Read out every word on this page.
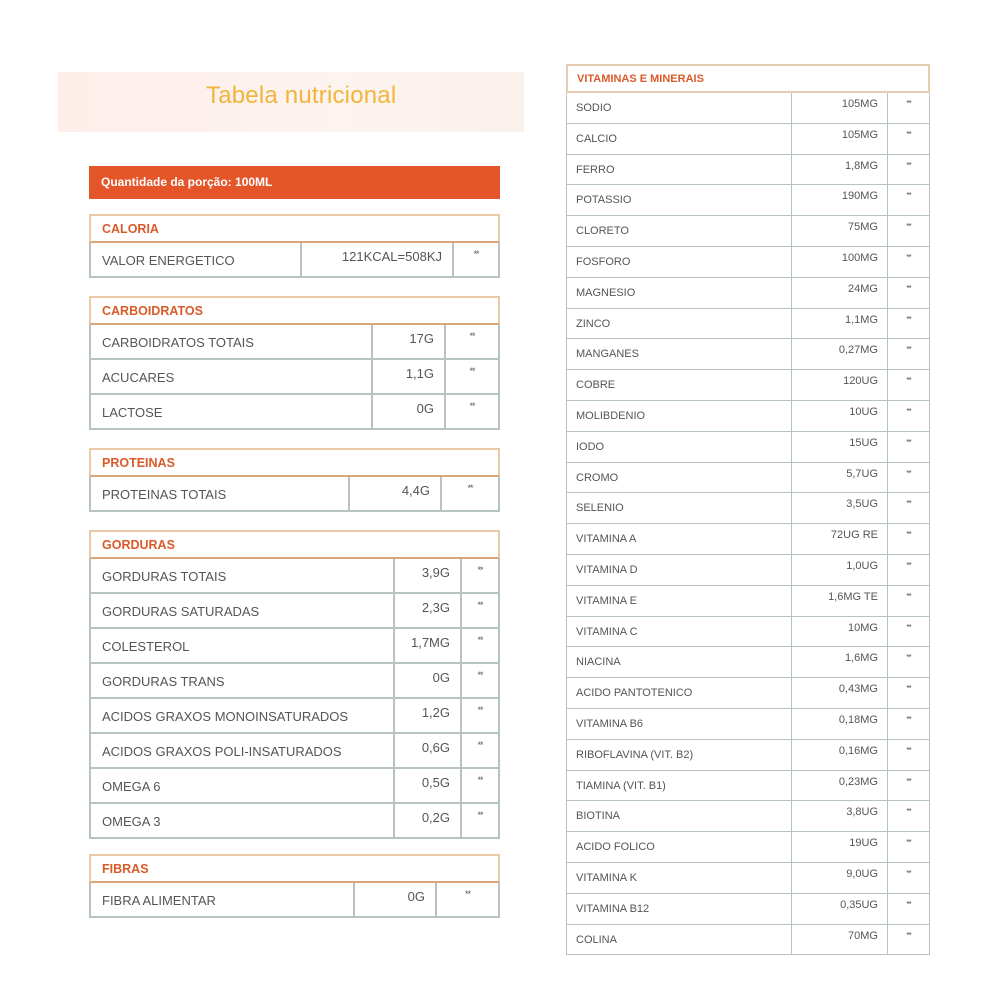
Tabela nutricional
Quantidade da porção: 100ML
CALORIA
VALOR ENERGETICO	121KCAL=508KJ	**
CARBOIDRATOS
CARBOIDRATOS TOTAIS	17G	**
ACUCARES	1,1G	**
LACTOSE	0G	**
PROTEINAS
PROTEINAS TOTAIS	4,4G	**
GORDURAS
GORDURAS TOTAIS	3,9G	**
GORDURAS SATURADAS	2,3G	**
COLESTEROL	1,7MG	**
GORDURAS TRANS	0G	**
ACIDOS GRAXOS MONOINSATURADOS	1,2G	**
ACIDOS GRAXOS POLI-INSATURADOS	0,6G	**
OMEGA 6	0,5G	**
OMEGA 3	0,2G	**
FIBRAS
FIBRA ALIMENTAR	0G	**
VITAMINAS E MINERAIS
SODIO	105MG	**
CALCIO	105MG	**
FERRO	1,8MG	**
POTASSIO	190MG	**
CLORETO	75MG	**
FOSFORO	100MG	**
MAGNESIO	24MG	**
ZINCO	1,1MG	**
MANGANES	0,27MG	**
COBRE	120UG	**
MOLIBDENIO	10UG	**
IODO	15UG	**
CROMO	5,7UG	**
SELENIO	3,5UG	**
VITAMINA A	72UG RE	**
VITAMINA D	1,0UG	**
VITAMINA E	1,6MG TE	**
VITAMINA C	10MG	**
NIACINA	1,6MG	**
ACIDO PANTOTENICO	0,43MG	**
VITAMINA B6	0,18MG	**
RIBOFLAVINA (VIT. B2)	0,16MG	**
TIAMINA (VIT. B1)	0,23MG	**
BIOTINA	3,8UG	**
ACIDO FOLICO	19UG	**
VITAMINA K	9,0UG	**
VITAMINA B12	0,35UG	**
COLINA	70MG	**
